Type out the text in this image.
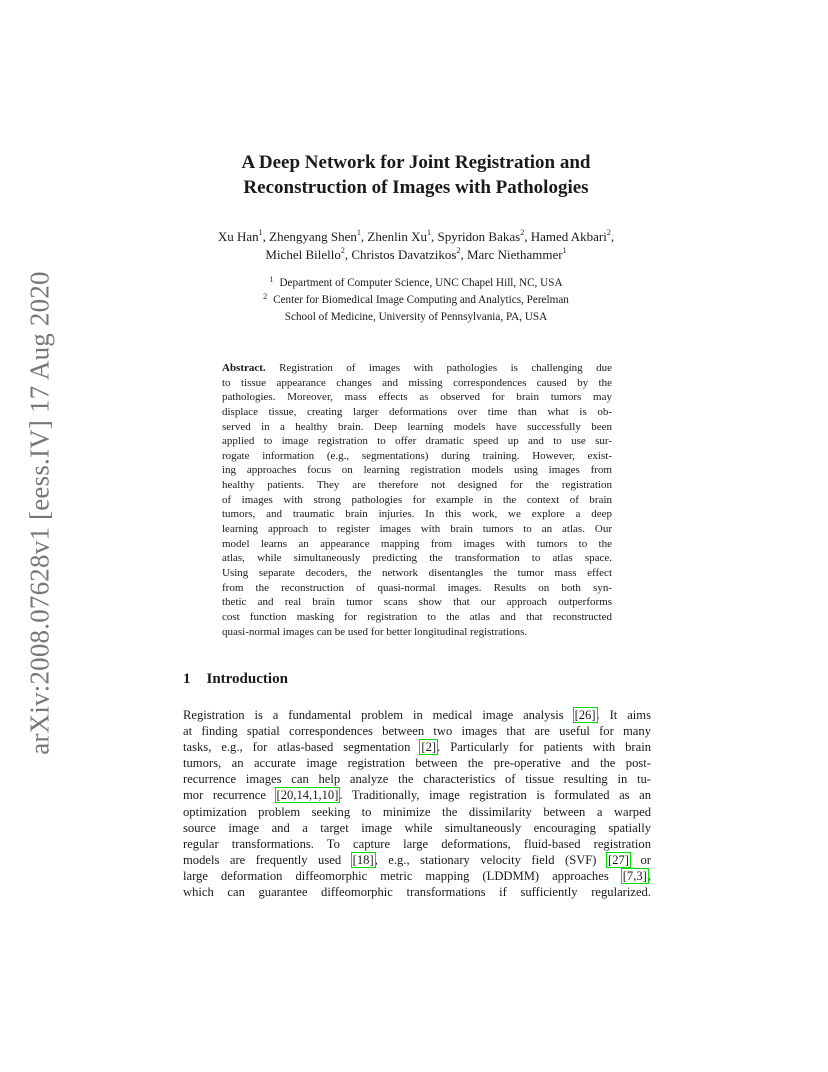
arXiv:2008.07628v1 [eess.IV] 17 Aug 2020
A Deep Network for Joint Registration and
Reconstruction of Images with Pathologies
Xu Han$^1$, Zhengyang Shen$^1$, Zhenlin Xu$^1$, Spyridon Bakas$^2$, Hamed Akbari$^2$,
Michel Bilello$^2$, Christos Davatzikos$^2$, Marc Niethammer$^1$
$^1$ Department of Computer Science, UNC Chapel Hill, NC, USA
$^2$ Center for Biomedical Image Computing and Analytics, Perelman
School of Medicine, University of Pennsylvania, PA, USA
Abstract. Registration of images with pathologies is challenging due
to tissue appearance changes and missing correspondences caused by the
pathologies. Moreover, mass effects as observed for brain tumors may
displace tissue, creating larger deformations over time than what is ob-
served in a healthy brain. Deep learning models have successfully been
applied to image registration to offer dramatic speed up and to use sur-
rogate information (e.g., segmentations) during training. However, exist-
ing approaches focus on learning registration models using images from
healthy patients. They are therefore not designed for the registration
of images with strong pathologies for example in the context of brain
tumors, and traumatic brain injuries. In this work, we explore a deep
learning approach to register images with brain tumors to an atlas. Our
model learns an appearance mapping from images with tumors to the
atlas, while simultaneously predicting the transformation to atlas space.
Using separate decoders, the network disentangles the tumor mass effect
from the reconstruction of quasi-normal images. Results on both syn-
thetic and real brain tumor scans show that our approach outperforms
cost function masking for registration to the atlas and that reconstructed
quasi-normal images can be used for better longitudinal registrations.
1 Introduction
Registration is a fundamental problem in medical image analysis [26]. It aims
at finding spatial correspondences between two images that are useful for many
tasks, e.g., for atlas-based segmentation [2]. Particularly for patients with brain
tumors, an accurate image registration between the pre-operative and the post-
recurrence images can help analyze the characteristics of tissue resulting in tu-
mor recurrence [20,14,1,10]. Traditionally, image registration is formulated as an
optimization problem seeking to minimize the dissimilarity between a warped
source image and a target image while simultaneously encouraging spatially
regular transformations. To capture large deformations, fluid-based registration
models are frequently used [18], e.g., stationary velocity field (SVF) [27] or
large deformation diffeomorphic metric mapping (LDDMM) approaches [7,3],
which can guarantee diffeomorphic transformations if sufficiently regularized.
